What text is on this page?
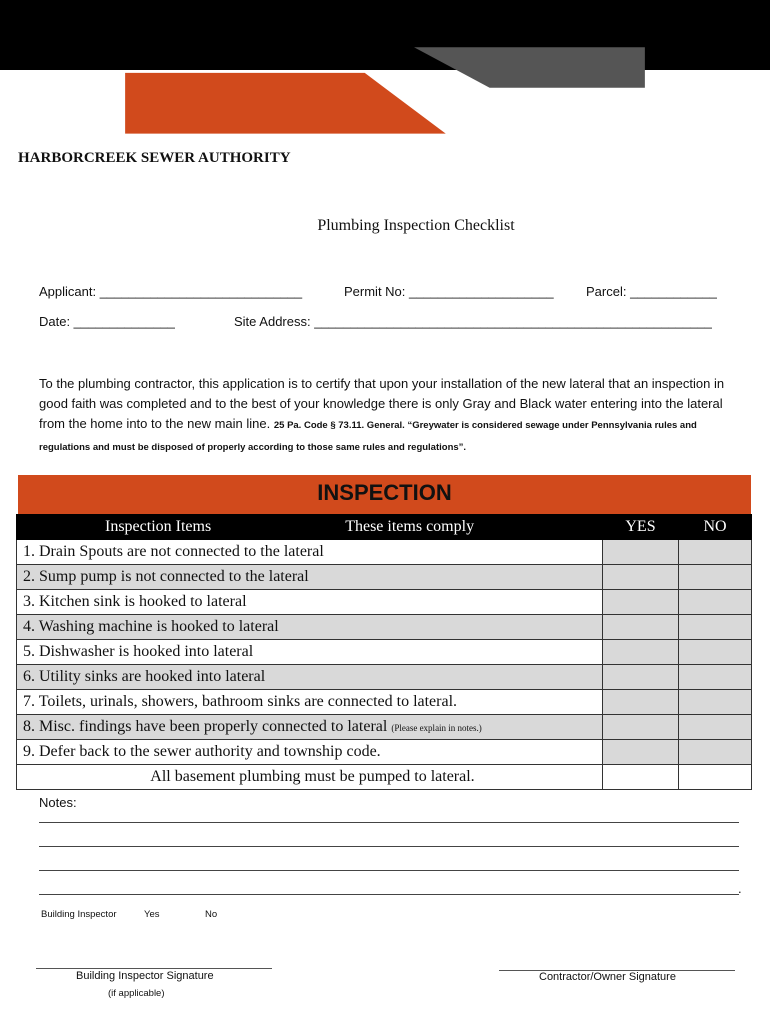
5601 Buffalo Road
Harborcreek PA 16421
HARBORCREEK SEWER AUTHORITY
Plumbing Inspection Checklist
Applicant: ____________________________	Permit No: ____________________ Parcel: ____________
Date: ______________	Site Address: _______________________________________________________
To the plumbing contractor, this application is to certify that upon your installation of the new lateral that an inspection in good faith was completed and to the best of your knowledge there is only Gray and Black water entering into the lateral from the home into to the new main line. 25 Pa. Code § 73.11. General. “Greywater is considered sewage under Pennsylvania rules and regulations and must be disposed of properly according to those same rules and regulations”.
INSPECTION
Inspection Items These items comply	YES	NO
1. Drain Spouts are not connected to the lateral		
2. Sump pump is not connected to the lateral		
3. Kitchen sink is hooked to lateral		
4. Washing machine is hooked to lateral		
5. Dishwasher is hooked into lateral		
6. Utility sinks are hooked into lateral		
7. Toilets, urinals, showers, bathroom sinks are connected to lateral.		
8. Misc. findings have been properly connected to lateral (Please explain in notes.)		
9. Defer back to the sewer authority and township code.		
All basement plumbing must be pumped to lateral.		
Notes:
.
Building Inspector	Yes	No
Building Inspector Signature
(if applicable)
Contractor/Owner Signature
